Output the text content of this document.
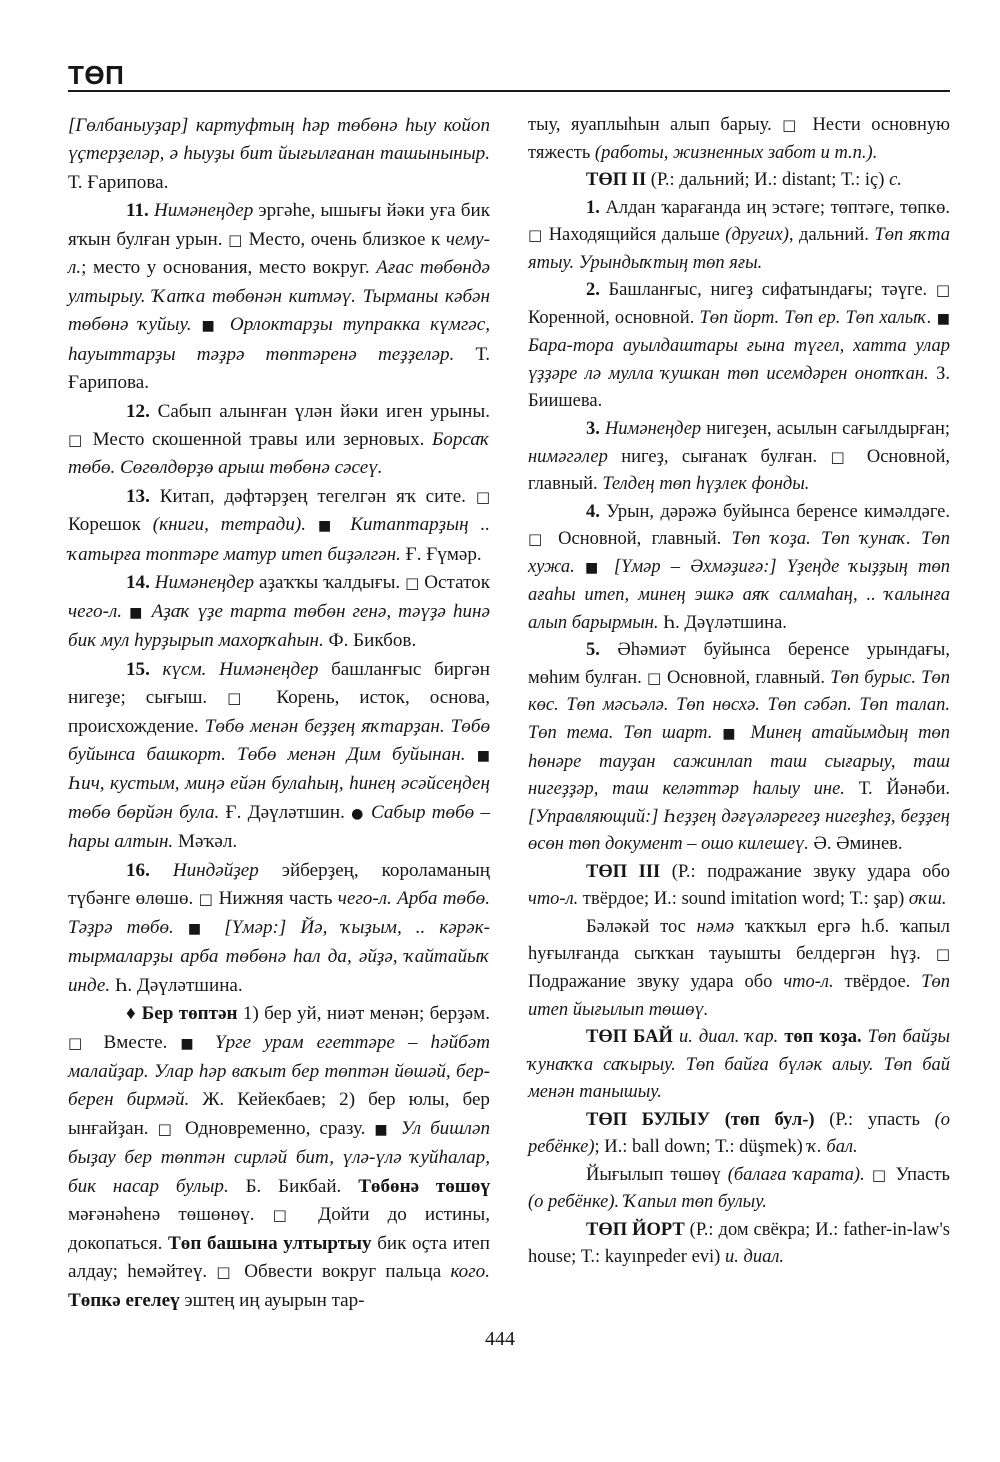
ТӨП

[Гөлбаныуҙар] картуфтың һәр төбөнә һыу койоп үҫтерҙеләр, ә һыуҙы бит йығылғанан ташыныныр. Т. Ғарипова.

11. Нимәнеңдер эргәһе, ышығы йәки уға бик яҡын булған урын. □ Место, очень близкое к чему-л.; место у основания, место вокруг. Ағас төбөндә ултырыу. Ҡапҡа төбөнән китмәү. Тырманы кәбән төбөнә ҡуйыу. ■ Орлоктарҙы тупракка күмгәс, һауыттарҙы тәҙрә төптәренә теҙҙеләр. Т. Ғарипова.

12. Сабып алынған үлән йәки иген урыны. □ Место скошенной травы или зерновых. Борсаҡ төбө. Сөгөлдөрҙө арыш төбөнә сәсеү.

13. Китап, дәфтәрҙең тегелгән яҡ сите. □ Корешок (книги, тетради). ■ Китаптарҙың .. ҡатырға топтәре матур итеп биҙәлгән. Ғ. Ғүмәр.

14. Нимәнеңдер аҙаҡҡы ҡалдығы. □ Остаток чего-л. ■ Аҙаҡ үҙе тарта төбөн генә, тәүҙә һинә бик мул һурҙырып махорҡаһын. Ф. Бикбов.

15. күсм. Нимәнеңдер башланғыс биргән нигеҙе; сығыш. □ Корень, исток, основа, происхождение. Төбө менән беҙҙең яҡтарҙан. Төбө буйынса башкорт. Төбө менән Дим буйынан. ■ Һич, кустым, миңә ейән булаһың, һинең әсәйсеңдең төбө бөрйән була. Ғ. Дәүләтшин. ● Сабыр төбө – һары алтын. Мәҡәл.

16. Ниндәйҙер эйберҙең, короламаның түбәнге өлөшө. □ Нижняя часть чего-л. Арба төбө. Тәҙрә төбө. ■ [Үмәр:] Йә, ҡыҙым, .. кәрәк-тырмаларҙы арба төбөнә һал да, әйҙә, ҡайтайыҡ инде. Һ. Дәүләтшина.

♦ Бер төптән 1) бер уй, ниәт менән; берҙәм. □ Вместе. ■ Үрге урам егеттәре – һәйбәт малайҙар. Улар һәр ваҡыт бер төптән йөшәй, бер-берен бирмәй. Ж. Кейекбаев; 2) бер юлы, бер ынғайҙан. □ Одновременно, сразу. ■ Ул бишләп быҙау бер төптән сирләй бит, үлә-үлә ҡуйһалар, бик насар булыр. Б. Бикбай. Төбөнә төшөү мәғәнәһенә төшөнөү. □ Дойти до истины, докопаться. Төп башына ултыртыу бик оҫта итеп алдау; һемәйтеү. □ Обвести вокруг пальца кого. Төпкә егелеү эштең иң ауырын тар-

тыу, яуаплыһын алып барыу. □ Нести основную тяжесть (работы, жизненных забот и т.п.).

ТӨП II (Р.: дальний; И.: distant; Т.: iç) с.

1. Алдан ҡарағанда иң эстәге; төптәге, төпкө. □ Находящийся дальше (других), дальний. Төп яҡта ятыу. Урындыҡтың төп яғы.

2. Башланғыс, нигеҙ сифатындағы; тәүге. □ Коренной, основной. Төп йорт. Төп ер. Төп халыҡ. ■ Бара-тора ауылдаштары ғына түгел, хатта улар үҙҙәре лә мулла ҡушкан төп исемдәрен онотҡан. З. Биишева.

3. Нимәнеңдер нигеҙен, асылын сағылдырған; нимәгәлер нигеҙ, сығанаҡ булған. □ Основной, главный. Телдең төп һүҙлек фонды.

4. Урын, дәрәжә буйынса беренсе кимәлдәге. □ Основной, главный. Төп ҡоҙа. Төп ҡунаҡ. Төп хужа. ■ [Үмәр – Әхмәҙиғә:] Үҙеңде ҡыҙҙың төп ағаһы итеп, минең эшкә аяҡ салмаһаң, .. ҡалынға алып барырмын. Һ. Дәүләтшина.

5. Әһәмиәт буйынса беренсе урындағы, мөһим булған. □ Основной, главный. Төп бурыс. Төп көс. Төп мәсьәлә. Төп нөсхә. Төп сәбәп. Төп талап. Төп тема. Төп шарт. ■ Минең атайымдың төп һөнәре тауҙан сажинлап таш сығарыу, таш нигеҙҙәр, таш келәттәр һалыу ине. Т. Йәнәби. [Управляющий:] Һеҙҙең дәғүәләрегеҙ нигеҙһеҙ, беҙҙең өсөн төп документ – ошо килешеү. Ә. Әминев.

ТӨП III (Р.: подражание звуку удара обо что-л. твёрдое; И.: sound imitation word; Т.: şap) оҡш.

Бәләкәй тос нәмә ҡаҡҡыл ергә һ.б. ҡапыл һуғылғанда сыҡҡан тауышты белдергән һүҙ. □ Подражание звуку удара обо что-л. твёрдое. Төп итеп йығылып төшөү.

ТӨП БАЙ и. диал. ҡар. төп ҡоҙа. Төп байҙы ҡунаҡҡа саҡырыу. Төп байға бүләк алыу. Төп бай менән танышыу.

ТӨП БУЛЫУ (төп бул-) (Р.: упасть (о ребёнке); И.: ball down; Т.: düşmek) ҡ. бал.

Йығылып төшөү (балаға ҡарата). □ Упасть (о ребёнке). Ҡапыл төп булыу.

ТӨП ЙОРТ (Р.: дом свёкра; И.: father-in-law's house; Т.: kayınpeder evi) и. диал.

444
